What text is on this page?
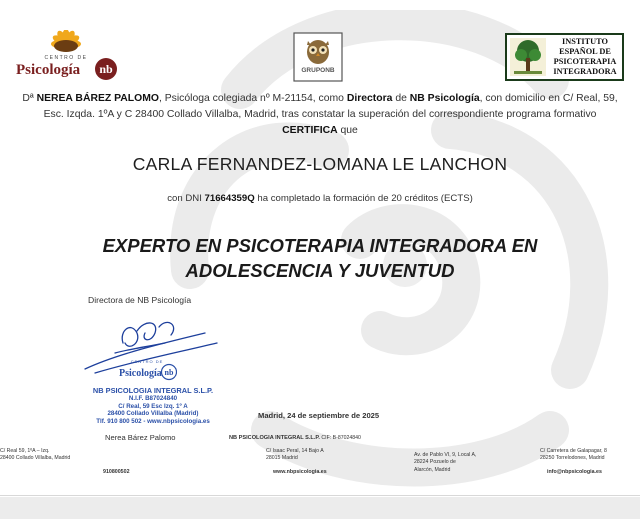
CENTRO DE
Psicología nb	GRUPONB
INSTITUTO
ESPAÑOL DE
PSICOTERAPIA
INTEGRADORA

Dª NEREA BÁREZ PALOMO, Psicóloga colegiada nº M-21154, como Directora de NB Psicología, con domicilio en C/ Real, 59, Esc. Izqda. 1ºA y C 28400 Collado Villalba, Madrid, tras constatar la superación del correspondiente programa formativo CERTIFICA que

CARLA FERNANDEZ-LOMANA LE LANCHON
con DNI 71664359Q ha completado la formación de 20 créditos (ECTS)
EXPERTO EN PSICOTERAPIA INTEGRADORA EN
ADOLESCENCIA Y JUVENTUD
Directora de NB Psicología
CENTRO DE
Psicología nb
NB PSICOLOGIA INTEGRAL S.L.P.
N.I.F. B87024840
C/ Real, 59 Esc Izq. 1º A
28400 Collado Villalba (Madrid)
Tlf. 910 800 502 - www.nbpsicologia.es
Madrid, 24 de septiembre de 2025
Nerea Bárez Palomo	NB PSICOLOGIA INTEGRAL S.L.P. CIF: B-87024840
C/ Real 59, 1ºA – Izq.
28400 Collado Villalba, Madrid
910800502
C/ Isaac Peral, 14 Bajo A
28015 Madrid
www.nbpsicologia.es
Av. de Pablo VI, 9, Local A,
28224 Pozuelo de
Alarcón, Madrid
C/ Carretera de Galapagar, 8
28250 Torrelodones, Madrid
info@nbpsicologia.es
